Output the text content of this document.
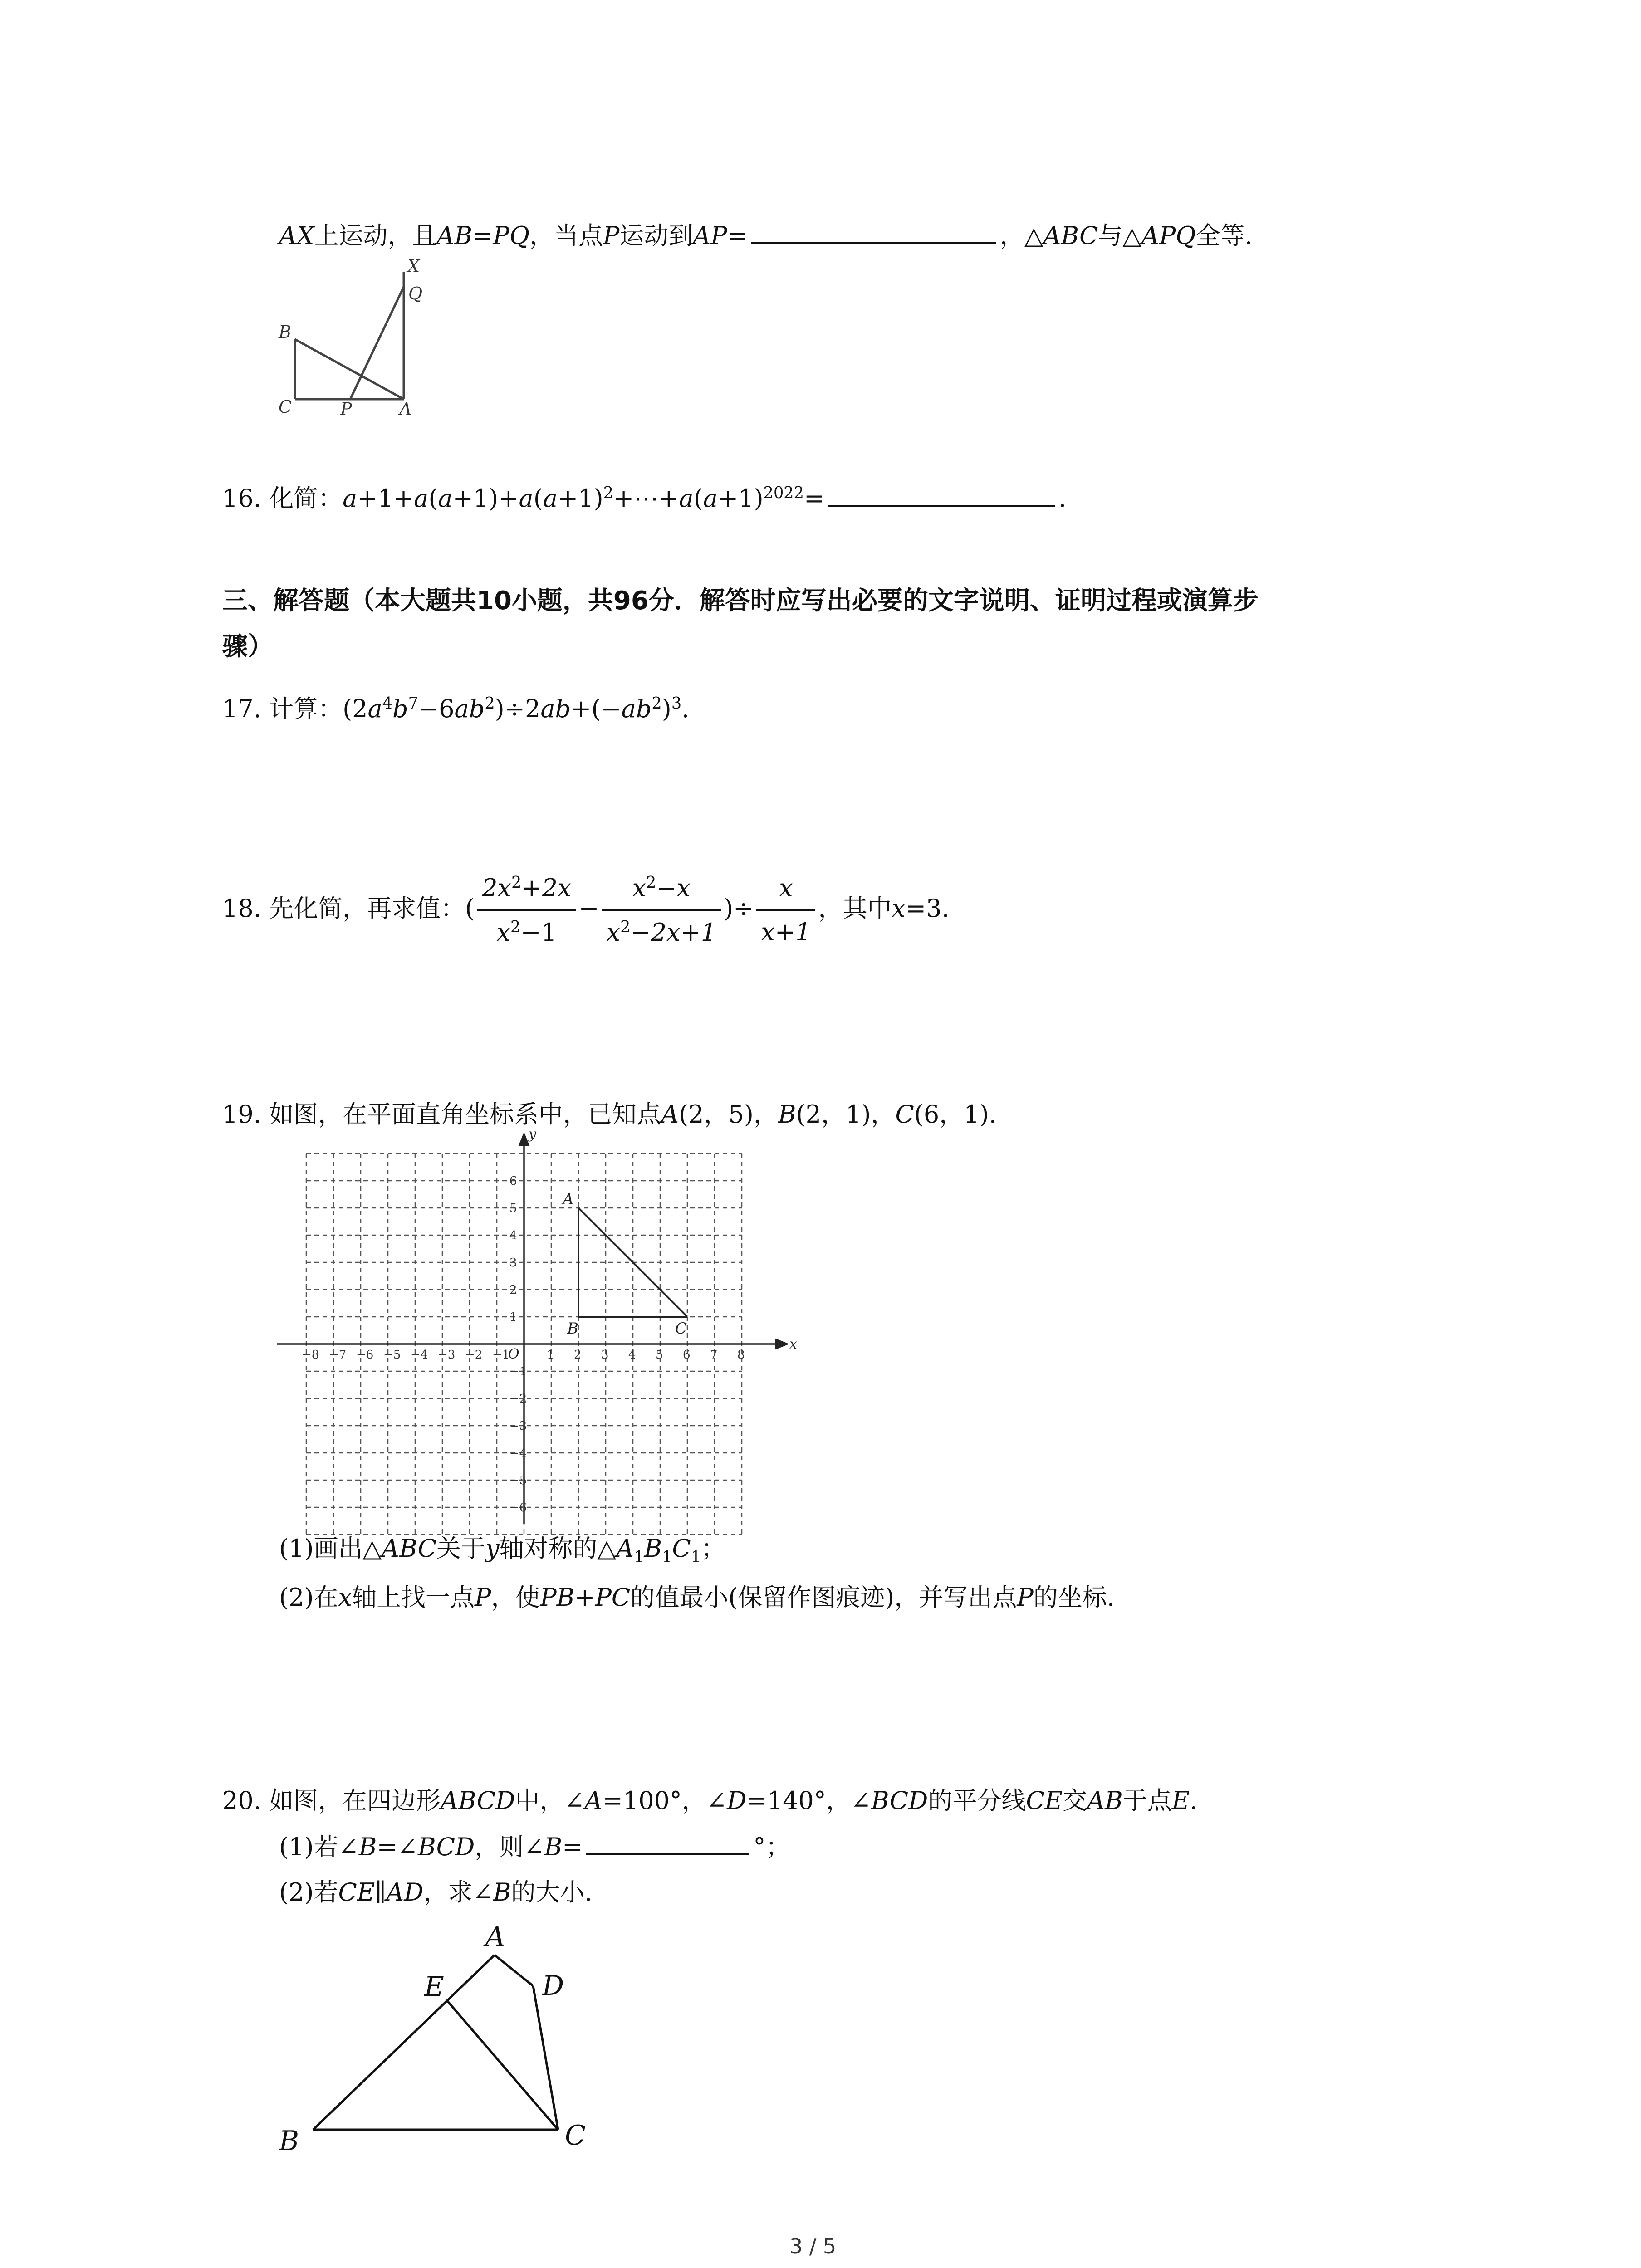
AX上运动，且AB=PQ，当点P运动到AP=	，△ABC与△APQ全等.
X
Q
B
C	P	A
16. 化简：$a+1+a(a+1)+a(a+1)^2+\cdots+a(a+1)^{2022}=$	.
三、解答题（本大题共10小题，共96分．解答时应写出必要的文字说明、证明过程或演算步
骤）
17. 计算：$(2a^4b^7-6ab^2)\div 2ab+(-ab^2)^3$.
18. 先化简，再求值：( $\frac{2x^2+2x}{x^2-1} - \frac{x^2-x}{x^2-2x+1}$ )÷ $\frac{x}{x+1}$ ，其中x=3.
19. 如图，在平面直角坐标系中，已知点A(2，5)，B(2，1)，C(6，1).
−8 −7 −6 −5 −4 −3 −2 −1	1 2 3 4 5 6 7 8
6
5
4
3
2
1
−1
−2
−3
−4
−5
−6
x
y
O
A
B	C
(1)画出△ABC关于y轴对称的$\triangle A_1B_1C_1$；
(2)在x轴上找一点P，使PB+PC的值最小(保留作图痕迹)，并写出点P的坐标.
20. 如图，在四边形ABCD中，∠A=100°，∠D=140°，∠BCD的平分线CE交AB于点E.
(1)若∠B=∠BCD，则∠B=	°；
(2)若CE∥AD，求∠B的大小.
A
D
E
B	C
3 / 5
